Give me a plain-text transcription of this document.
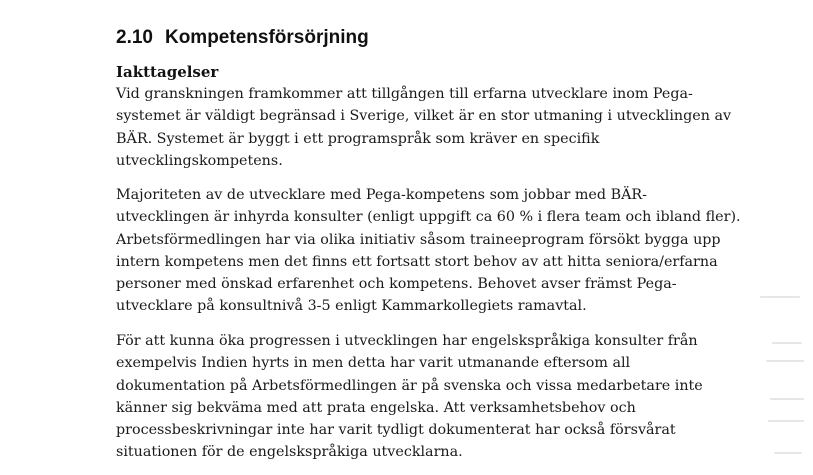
2.10 Kompetensförsörjning
Iakttagelser

Vid granskningen framkommer att tillgången till erfarna utvecklare inom Pega-
systemet är väldigt begränsad i Sverige, vilket är en stor utmaning i utvecklingen av
BÄR. Systemet är byggt i ett programspråk som kräver en specifik
utvecklingskompetens.

Majoriteten av de utvecklare med Pega-kompetens som jobbar med BÄR-
utvecklingen är inhyrda konsulter (enligt uppgift ca 60 % i flera team och ibland fler).
Arbetsförmedlingen har via olika initiativ såsom traineeprogram försökt bygga upp
intern kompetens men det finns ett fortsatt stort behov av att hitta seniora/erfarna
personer med önskad erfarenhet och kompetens. Behovet avser främst Pega-
utvecklare på konsultnivå 3-5 enligt Kammarkollegiets ramavtal.

För att kunna öka progressen i utvecklingen har engelskspråkiga konsulter från
exempelvis Indien hyrts in men detta har varit utmanande eftersom all
dokumentation på Arbetsförmedlingen är på svenska och vissa medarbetare inte
känner sig bekväma med att prata engelska. Att verksamhetsbehov och
processbeskrivningar inte har varit tydligt dokumenterat har också försvårat
situationen för de engelskspråkiga utvecklarna.
